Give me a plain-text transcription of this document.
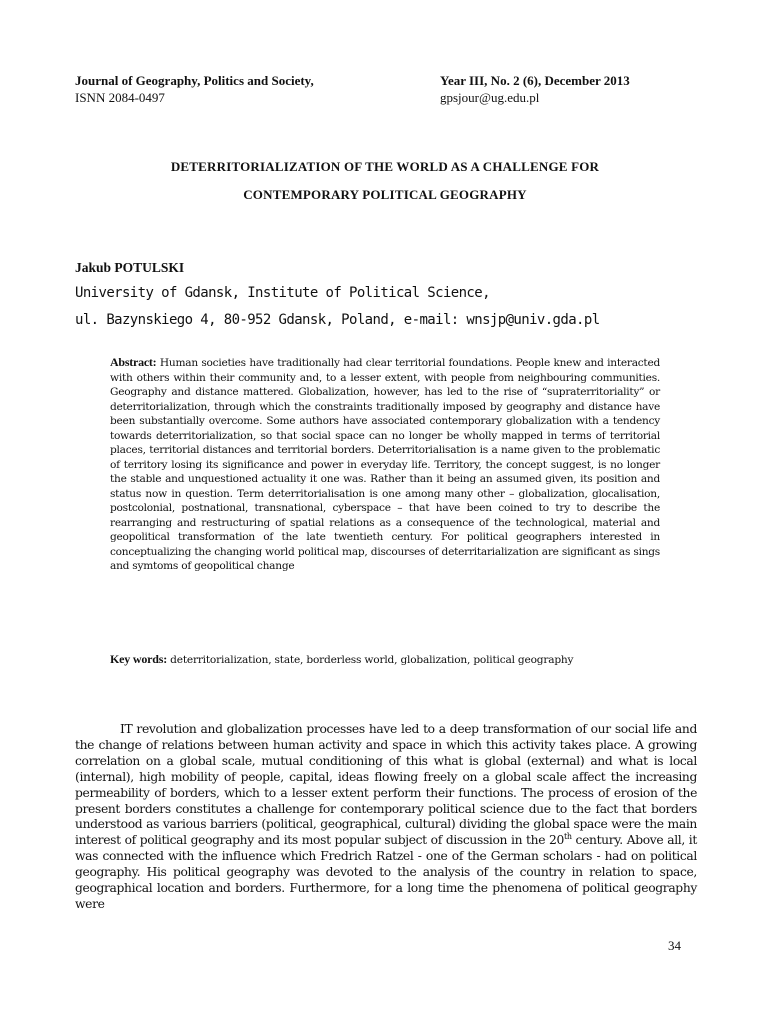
Journal of Geography, Politics and Society,
ISNN 2084-0497
Year III, No. 2 (6), December 2013
gpsjour@ug.edu.pl
DETERRITORIALIZATION OF THE WORLD AS A CHALLENGE FOR
CONTEMPORARY POLITICAL GEOGRAPHY
Jakub POTULSKI
University of Gdansk, Institute of Political Science,
ul. Bazynskiego 4, 80-952 Gdansk, Poland, e-mail: wnsjp@univ.gda.pl
Abstract: Human societies have traditionally had clear territorial foundations. People knew and interacted with others within their community and, to a lesser extent, with people from neighbouring communities. Geography and distance mattered. Globalization, however, has led to the rise of “supraterritoriality” or deterritorialization, through which the constraints traditionally imposed by geography and distance have been substantially overcome. Some authors have associated contemporary globalization with a tendency towards deterritorialization, so that social space can no longer be wholly mapped in terms of territorial places, territorial distances and territorial borders. Deterritorialisation is a name given to the problematic of territory losing its significance and power in everyday life. Territory, the concept suggest, is no longer the stable and unquestioned actuality it one was. Rather than it being an assumed given, its position and status now in question. Term deterritorialisation is one among many other – globalization, glocalisation, postcolonial, postnational, transnational, cyberspace – that have been coined to try to describe the rearranging and restructuring of spatial relations as a consequence of the technological, material and geopolitical transformation of the late twentieth century. For political geographers interested in conceptualizing the changing world political map, discourses of deterritarialization are significant as sings and symtoms of geopolitical change
Key words: deterritorialization, state, borderless world, globalization, political geography
IT revolution and globalization processes have led to a deep transformation of our social life and the change of relations between human activity and space in which this activity takes place. A growing correlation on a global scale, mutual conditioning of this what is global (external) and what is local (internal), high mobility of people, capital, ideas flowing freely on a global scale affect the increasing permeability of borders, which to a lesser extent perform their functions. The process of erosion of the present borders constitutes a challenge for contemporary political science due to the fact that borders understood as various barriers (political, geographical, cultural) dividing the global space were the main interest of political geography and its most popular subject of discussion in the 20th century. Above all, it was connected with the influence which Fredrich Ratzel - one of the German scholars - had on political geography. His political geography was devoted to the analysis of the country in relation to space, geographical location and borders. Furthermore, for a long time the phenomena of political geography were
34
